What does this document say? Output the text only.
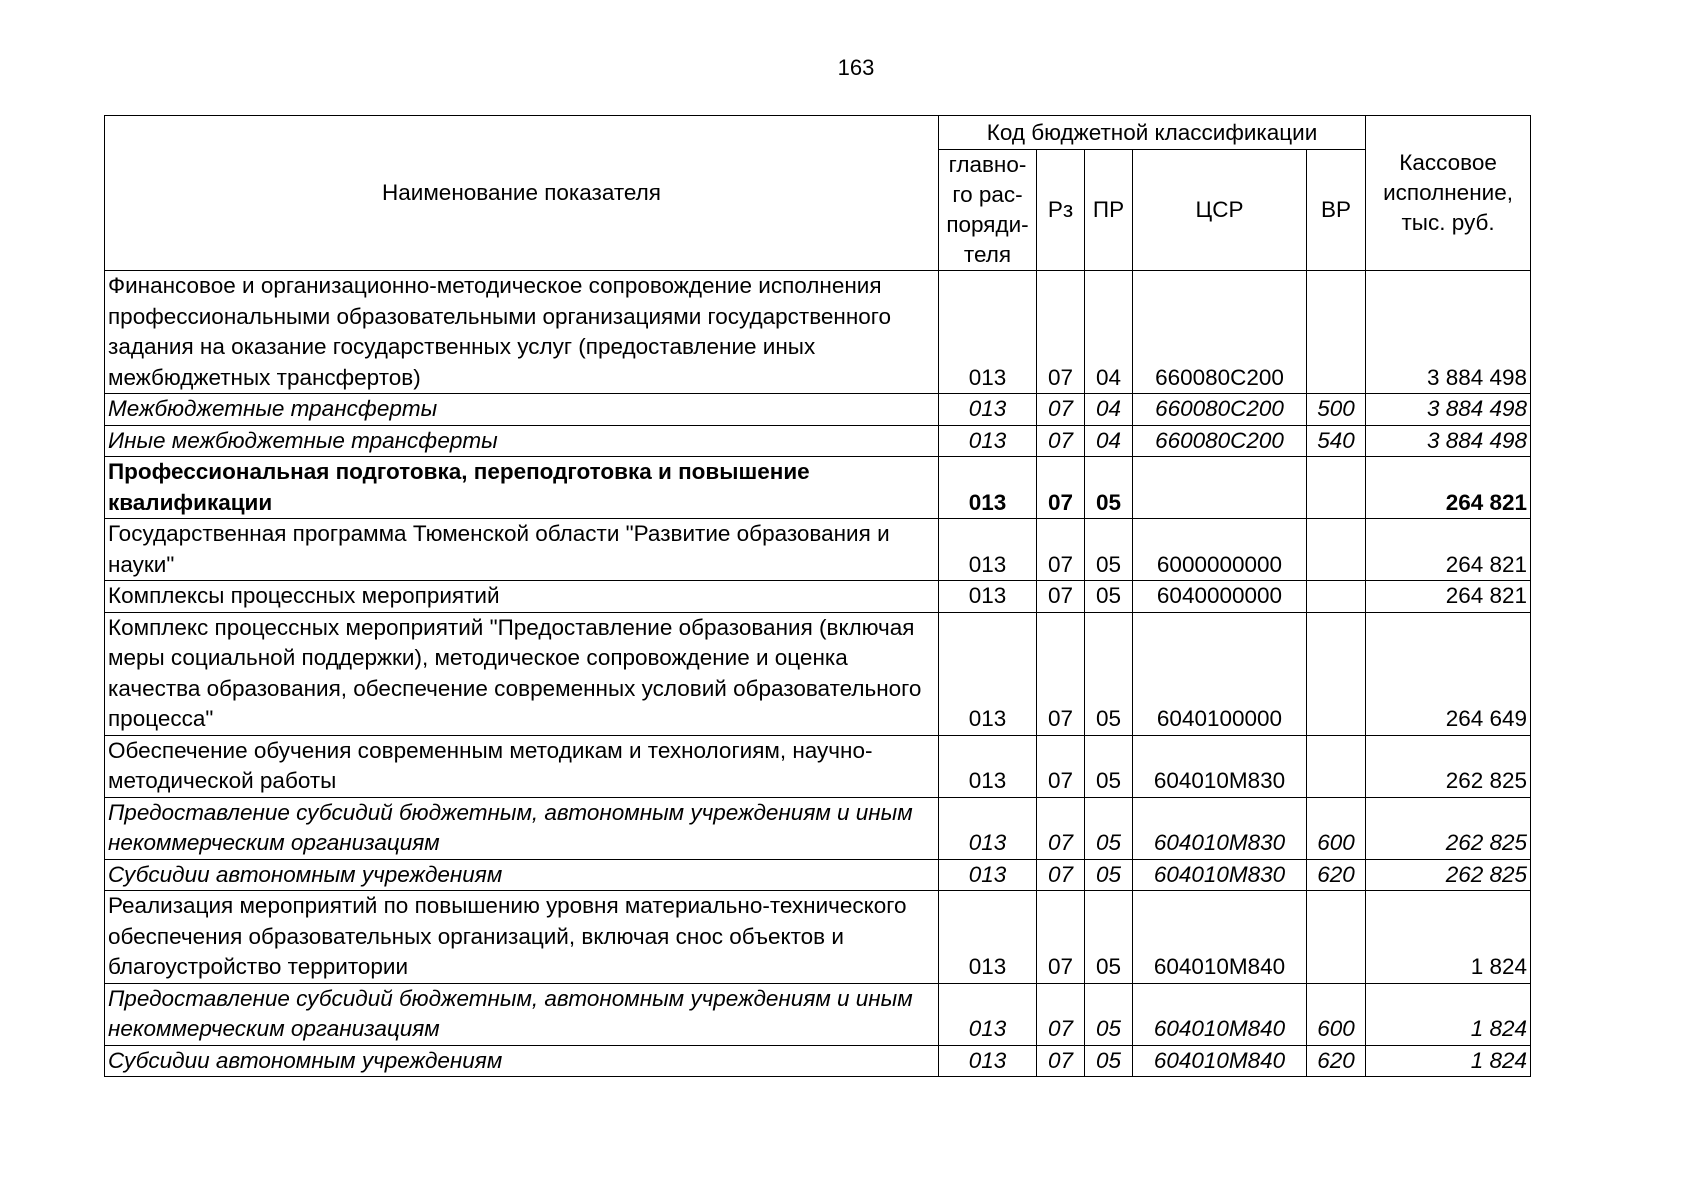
163
Наименование показателя	Код бюджетной классификации					Кассовое исполнение, тыс. руб.
	главно-го рас-поряди-теля	Рз	ПР	ЦСР	ВР	
Финансовое и организационно-методическое сопровождение исполнения профессиональными образовательными организациями государственного задания на оказание государственных услуг (предоставление иных межбюджетных трансфертов)	013	07	04	660080С200		3 884 498
Межбюджетные трансферты	013	07	04	660080С200	500	3 884 498
Иные межбюджетные трансферты	013	07	04	660080С200	540	3 884 498
Профессиональная подготовка, переподготовка и повышение квалификации	013	07	05			264 821
Государственная программа Тюменской области "Развитие образования и науки"	013	07	05	6000000000		264 821
Комплексы процессных мероприятий	013	07	05	6040000000		264 821
Комплекс процессных мероприятий "Предоставление образования (включая меры социальной поддержки), методическое сопровождение и оценка качества образования, обеспечение современных условий образовательного процесса"	013	07	05	6040100000		264 649
Обеспечение обучения современным методикам и технологиям, научно-методической работы	013	07	05	604010М830		262 825
Предоставление субсидий бюджетным, автономным учреждениям и иным некоммерческим организациям	013	07	05	604010М830	600	262 825
Субсидии автономным учреждениям	013	07	05	604010М830	620	262 825
Реализация мероприятий по повышению уровня материально-технического обеспечения образовательных организаций, включая снос объектов и благоустройство территории	013	07	05	604010М840		1 824
Предоставление субсидий бюджетным, автономным учреждениям и иным некоммерческим организациям	013	07	05	604010М840	600	1 824
Субсидии автономным учреждениям	013	07	05	604010М840	620	1 824
